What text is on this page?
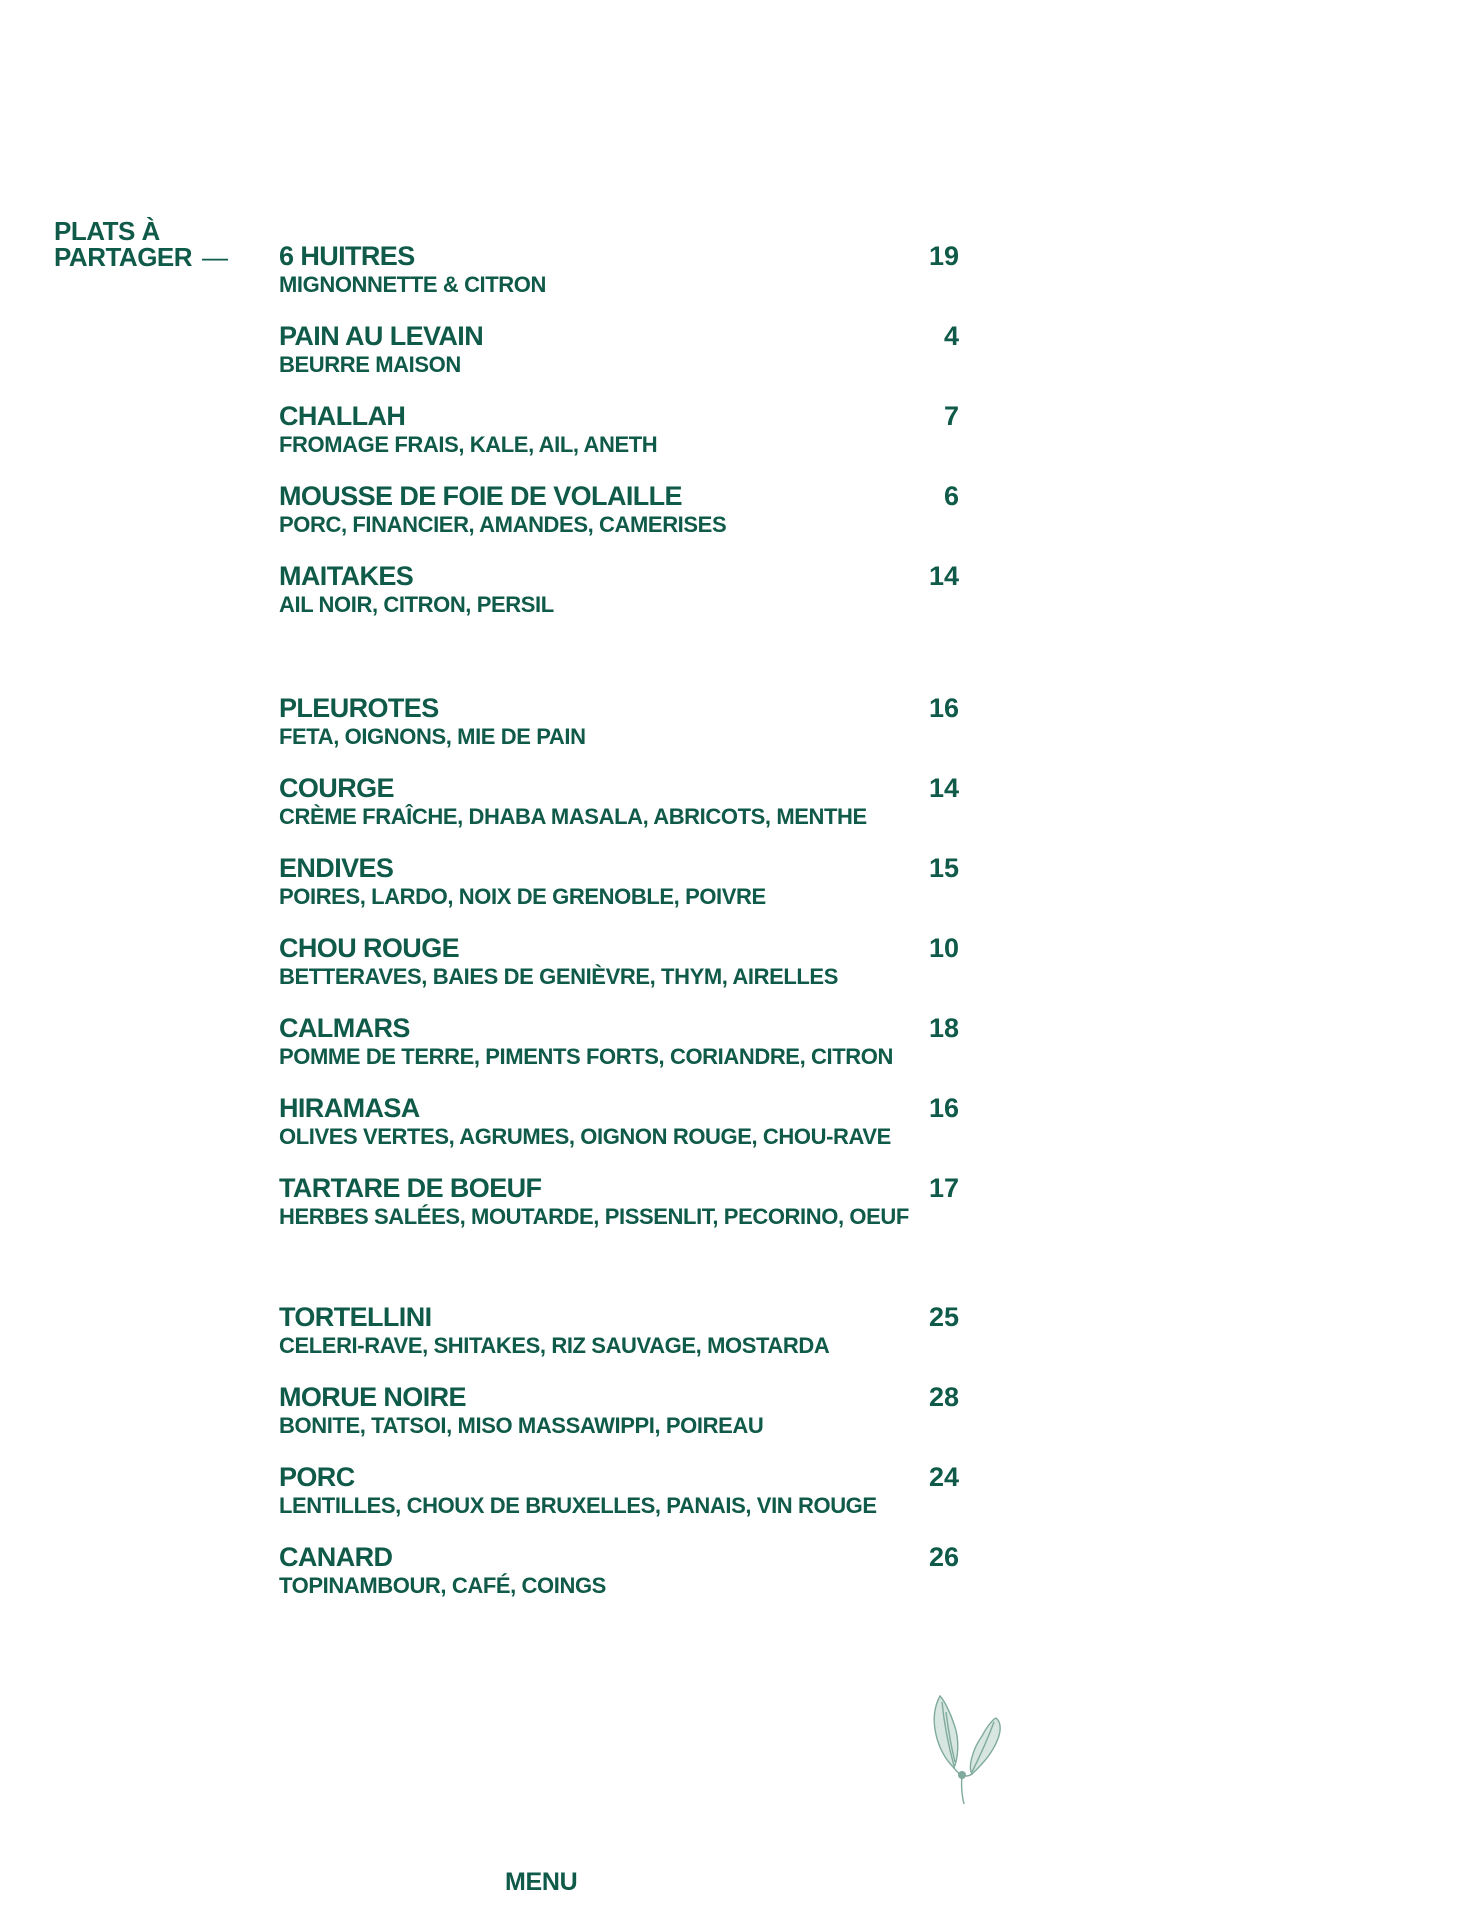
PLATS À
PARTAGER — 6 HUITRES
MIGNONNETTE & CITRON
19
PAIN AU LEVAIN
BEURRE MAISON
4
CHALLAH
FROMAGE FRAIS, KALE, AIL, ANETH
7
MOUSSE DE FOIE DE VOLAILLE
PORC, FINANCIER, AMANDES, CAMERISES
6
MAITAKES
AIL NOIR, CITRON, PERSIL
14
PLEUROTES
FETA, OIGNONS, MIE DE PAIN
16
COURGE
CRÈME FRAÎCHE, DHABA MASALA, ABRICOTS, MENTHE
14
ENDIVES
POIRES, LARDO, NOIX DE GRENOBLE, POIVRE
15
CHOU ROUGE
BETTERAVES, BAIES DE GENIÈVRE, THYM, AIRELLES
10
CALMARS
POMME DE TERRE, PIMENTS FORTS, CORIANDRE, CITRON
18
HIRAMASA
OLIVES VERTES, AGRUMES, OIGNON ROUGE, CHOU-RAVE
16
TARTARE DE BOEUF
HERBES SALÉES, MOUTARDE, PISSENLIT, PECORINO, OEUF
17
TORTELLINI
CELERI-RAVE, SHITAKES, RIZ SAUVAGE, MOSTARDA
25
MORUE NOIRE
BONITE, TATSOI, MISO MASSAWIPPI, POIREAU
28
PORC
LENTILLES, CHOUX DE BRUXELLES, PANAIS, VIN ROUGE
24
CANARD
TOPINAMBOUR, CAFÉ, COINGS
26
MENU
